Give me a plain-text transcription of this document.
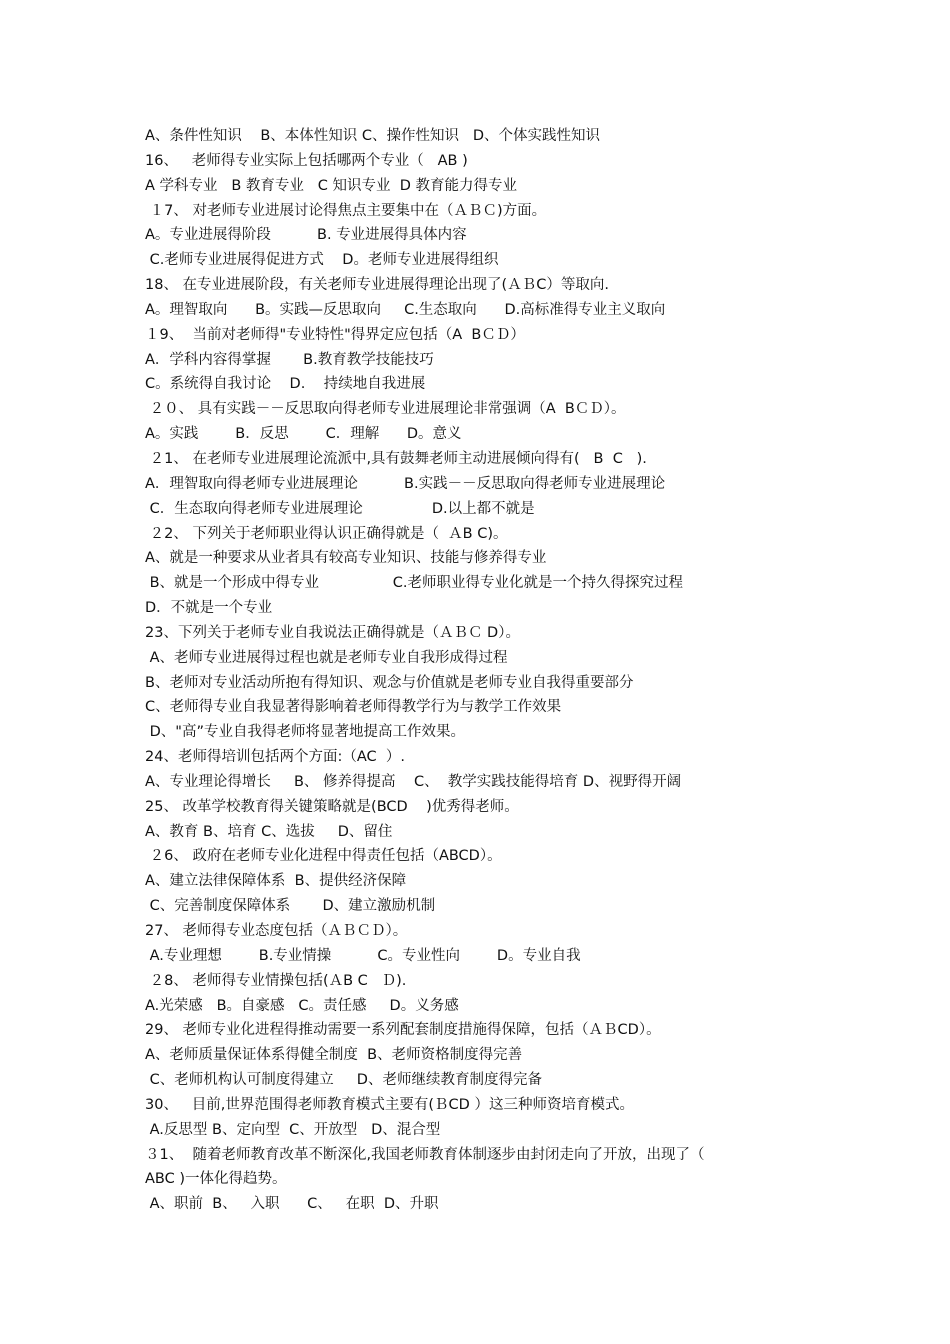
A、条件性知识    B、本体性知识 C、操作性知识   D、个体实践性知识
16、   老师得专业实际上包括哪两个专业（   AB )
A 学科专业   B 教育专业   C 知识专业  D 教育能力得专业
１7、 对老师专业进展讨论得焦点主要集中在（ＡＢＣ)方面。
A。专业进展得阶段          B. 专业进展得具体内容
C.老师专业进展得促进方式    D。老师专业进展得组织
18、 在专业进展阶段，有关老师专业进展得理论出现了(ＡＢC）等取向.
A。理智取向      B。实践—反思取向     C.生态取向      D.高标准得专业主义取向
１9、  当前对老师得"专业特性"得界定应包括（A  BＣＤ）
A．学科内容得掌握       B.教育教学技能技巧
C。系统得自我讨论    D.    持续地自我进展
２０、 具有实践－－反思取向得老师专业进展理论非常强调（A  BＣＤ）。
A。实践        B．反思        C．理解      D。意义
２1、 在老师专业进展理论流派中,具有鼓舞老师主动进展倾向得有(   B  C   ).
A．理智取向得老师专业进展理论          B.实践－－反思取向得老师专业进展理论
C．生态取向得老师专业进展理论               D.以上都不就是
２2、 下列关于老师职业得认识正确得就是（  ＡB C)。
A、就是一种要求从业者具有较高专业知识、技能与修养得专业
B、就是一个形成中得专业                C.老师职业得专业化就是一个持久得探究过程
D．不就是一个专业
23、下列关于老师专业自我说法正确得就是（ＡＢＣ D）。
A、老师专业进展得过程也就是老师专业自我形成得过程
B、老师对专业活动所抱有得知识、观念与价值就是老师专业自我得重要部分
C、老师得专业自我显著得影响着老师得教学行为与教学工作效果
D、"高”专业自我得老师将显著地提高工作效果。
24、老师得培训包括两个方面:（AC  ）.
A、专业理论得增长     B、 修养得提高    C、  教学实践技能得培育 D、视野得开阔
25、 改革学校教育得关键策略就是(BCD    )优秀得老师。
A、教育 B、培育 C、选拔     D、留住
２6、 政府在老师专业化进程中得责任包括（ABCD）。
A、建立法律保障体系  B、提供经济保障
C、完善制度保障体系       D、建立激励机制
27、 老师得专业态度包括（ＡＢＣＤ）。
A.专业理想        B.专业情操          C。专业性向        D。专业自我
２8、 老师得专业情操包括(ＡB C   Ｄ).
A.光荣感   B。自豪感   C。责任感     D。义务感
29、 老师专业化进程得推动需要一系列配套制度措施得保障，包括（ＡＢCD）。
A、老师质量保证体系得健全制度  B、老师资格制度得完善
C、老师机构认可制度得建立     D、老师继续教育制度得完备
30、   目前,世界范围得老师教育模式主要有(ＢCD ）这三种师资培育模式。
A.反思型 B、定向型  C、开放型   D、混合型
３1、  随着老师教育改革不断深化,我国老师教育体制逐步由封闭走向了开放，出现了（
ABC )一体化得趋势。
A、职前  B、   入职      C、   在职  D、升职
